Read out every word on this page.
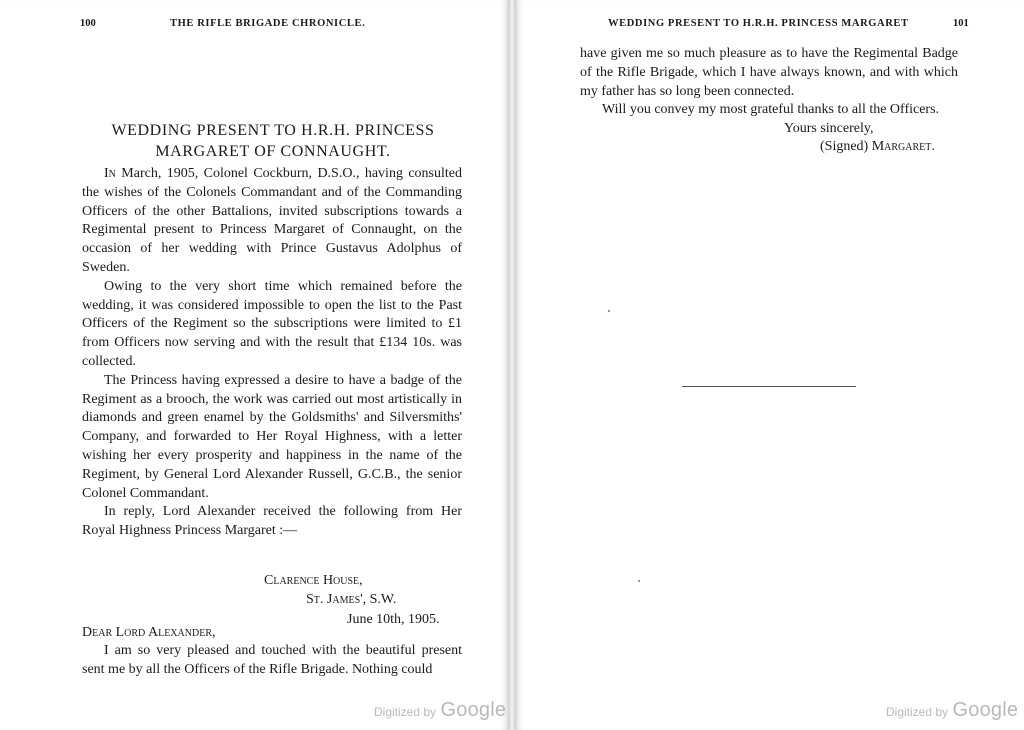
100	THE RIFLE BRIGADE CHRONICLE.
WEDDING PRESENT TO H.R.H. PRINCESS
MARGARET OF CONNAUGHT.

In March, 1905, Colonel Cockburn, D.S.O., having consulted the wishes of the Colonels Commandant and of the Commanding Officers of the other Battalions, invited subscriptions towards a Regimental present to Princess Margaret of Connaught, on the occasion of her wedding with Prince Gustavus Adolphus of Sweden.

Owing to the very short time which remained before the wedding, it was considered impossible to open the list to the Past Officers of the Regiment so the subscriptions were limited to £1 from Officers now serving and with the result that £134 10s. was collected.

The Princess having expressed a desire to have a badge of the Regiment as a brooch, the work was carried out most artistically in diamonds and green enamel by the Goldsmiths' and Silversmiths' Company, and forwarded to Her Royal Highness, with a letter wishing her every prosperity and happiness in the name of the Regiment, by General Lord Alexander Russell, G.C.B., the senior Colonel Commandant.

In reply, Lord Alexander received the following from Her Royal Highness Princess Margaret :—

Clarence House,
St. James', S.W.
June 10th, 1905.
Dear Lord Alexander,

I am so very pleased and touched with the beautiful present sent me by all the Officers of the Rifle Brigade. Nothing could

Digitized by Google
WEDDING PRESENT TO H.R.H. PRINCESS MARGARET	101

have given me so much pleasure as to have the Regimental Badge of the Rifle Brigade, which I have always known, and with which my father has so long been connected.

Will you convey my most grateful thanks to all the Officers.

Yours sincerely,
(Signed) Margaret.
Digitized by Google
